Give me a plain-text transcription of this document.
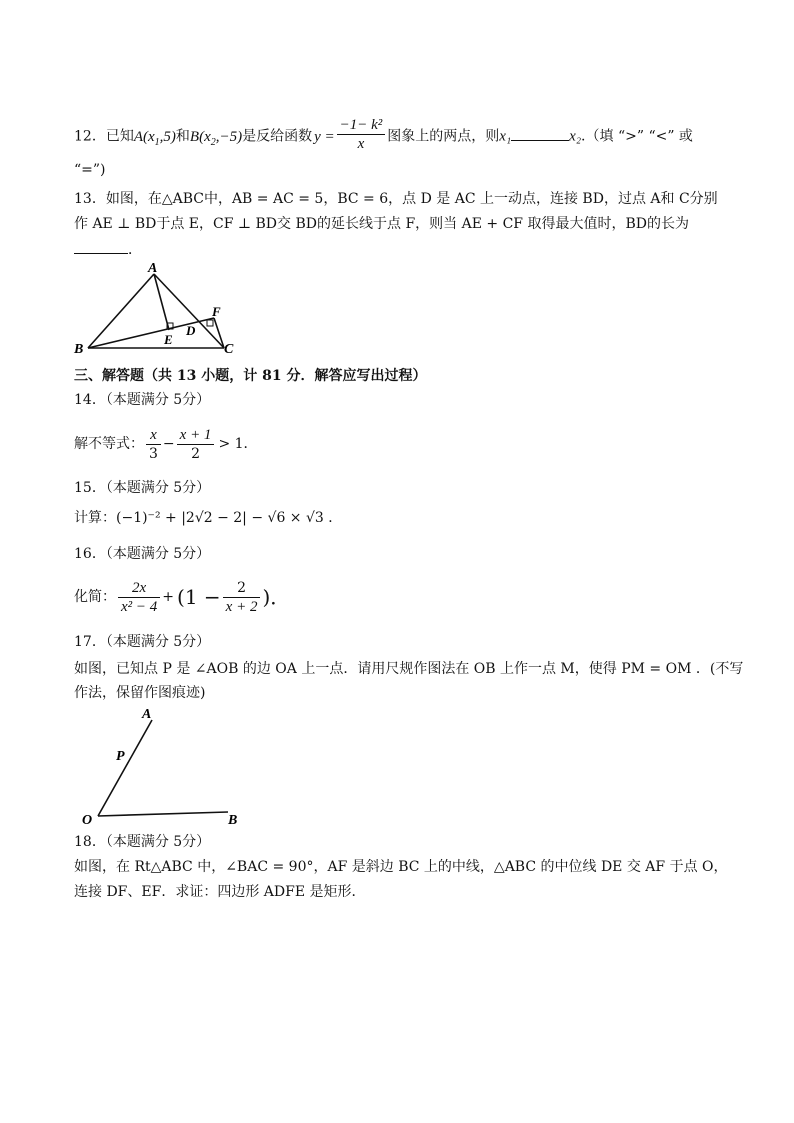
12．已知$A(x_1,5)$和$B(x_2,-5)$是反给函数 $y = \frac{\text{−1− k²}}{x}$ 图象上的两点，则x₁	x₂.（填 “>” “<” 或
“=”)
13．如图，在△ABC中，AB = AC = 5，BC = 6，点 D 是 AC 上一动点，连接 BD，过点 A和 C分别
作 AE ⊥ BD于点 E，CF ⊥ BD交 BD的延长线于点 F，则当 AE + CF 取得最大值时，BD的长为
．
A
B	C
D
E
F
三、解答题（共 13 小题，计 81 分．解答应写出过程）
14．（本题满分 5分）
解不等式： $\frac{x}{3} - \frac{x + 1}{2} > 1$．
15．（本题满分 5分）
计算：(−1)⁻² + |2√2 − 2| − √6 × √3 ．
16．（本题满分 5分）
化简： $\frac{2x}{\text{x² − 4}} + (1 - \frac{2}{x + 2}$ )．
17．（本题满分 5分）
如图，已知点 P 是 ∠AOB 的边 OA 上一点．请用尺规作图法在 OB 上作一点 M，使得 PM = OM ．(不写
作法，保留作图痕迹)
A
P
O	B
18．（本题满分 5分）
如图，在 Rt△ABC 中，∠BAC = 90°，AF 是斜边 BC 上的中线，△ABC 的中位线 DE 交 AF 于点 O，
连接 DF、EF．求证：四边形 ADFE 是矩形．
